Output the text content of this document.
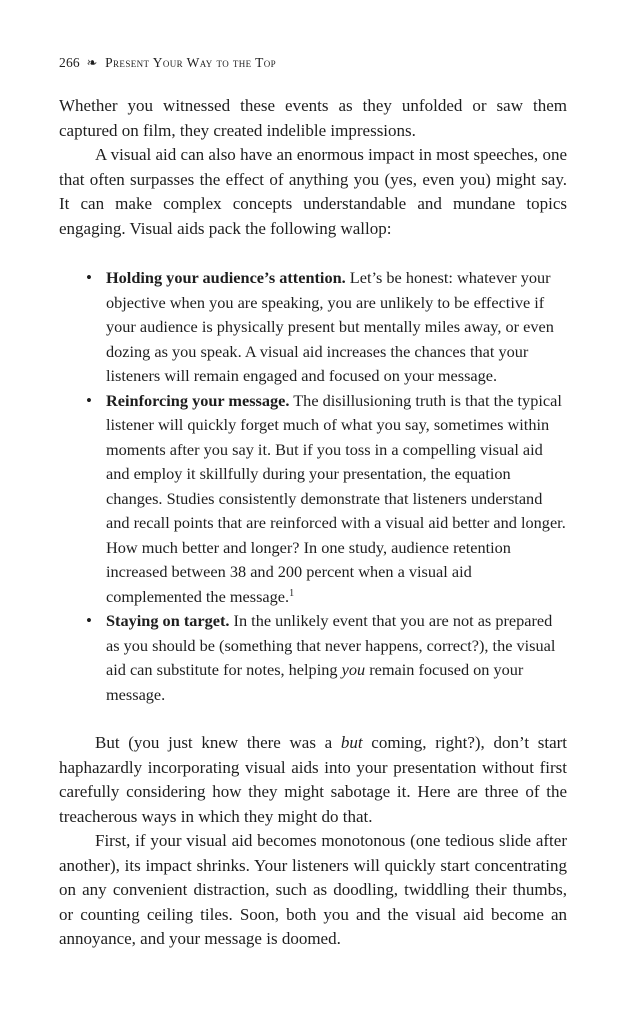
266 ❧ Present Your Way to the Top

Whether you witnessed these events as they unfolded or saw them captured on film, they created indelible impressions.

A visual aid can also have an enormous impact in most speeches, one that often surpasses the effect of anything you (yes, even you) might say. It can make complex concepts understandable and mundane topics engaging. Visual aids pack the following wallop:

• Holding your audience’s attention. Let’s be honest: whatever your objective when you are speaking, you are unlikely to be effective if your audience is physically present but mentally miles away, or even dozing as you speak. A visual aid increases the chances that your listeners will remain engaged and focused on your message.
• Reinforcing your message. The disillusioning truth is that the typical listener will quickly forget much of what you say, sometimes within moments after you say it. But if you toss in a compelling visual aid and employ it skillfully during your presentation, the equation changes. Studies consistently demonstrate that listeners understand and recall points that are reinforced with a visual aid better and longer. How much better and longer? In one study, audience retention increased between 38 and 200 percent when a visual aid complemented the message.$^1$
• Staying on target. In the unlikely event that you are not as prepared as you should be (something that never happens, correct?), the visual aid can substitute for notes, helping you remain focused on your message.

But (you just knew there was a but coming, right?), don’t start haphazardly incorporating visual aids into your presentation without first carefully considering how they might sabotage it. Here are three of the treacherous ways in which they might do that.

First, if your visual aid becomes monotonous (one tedious slide after another), its impact shrinks. Your listeners will quickly start concentrating on any convenient distraction, such as doodling, twiddling their thumbs, or counting ceiling tiles. Soon, both you and the visual aid become an annoyance, and your message is doomed.
